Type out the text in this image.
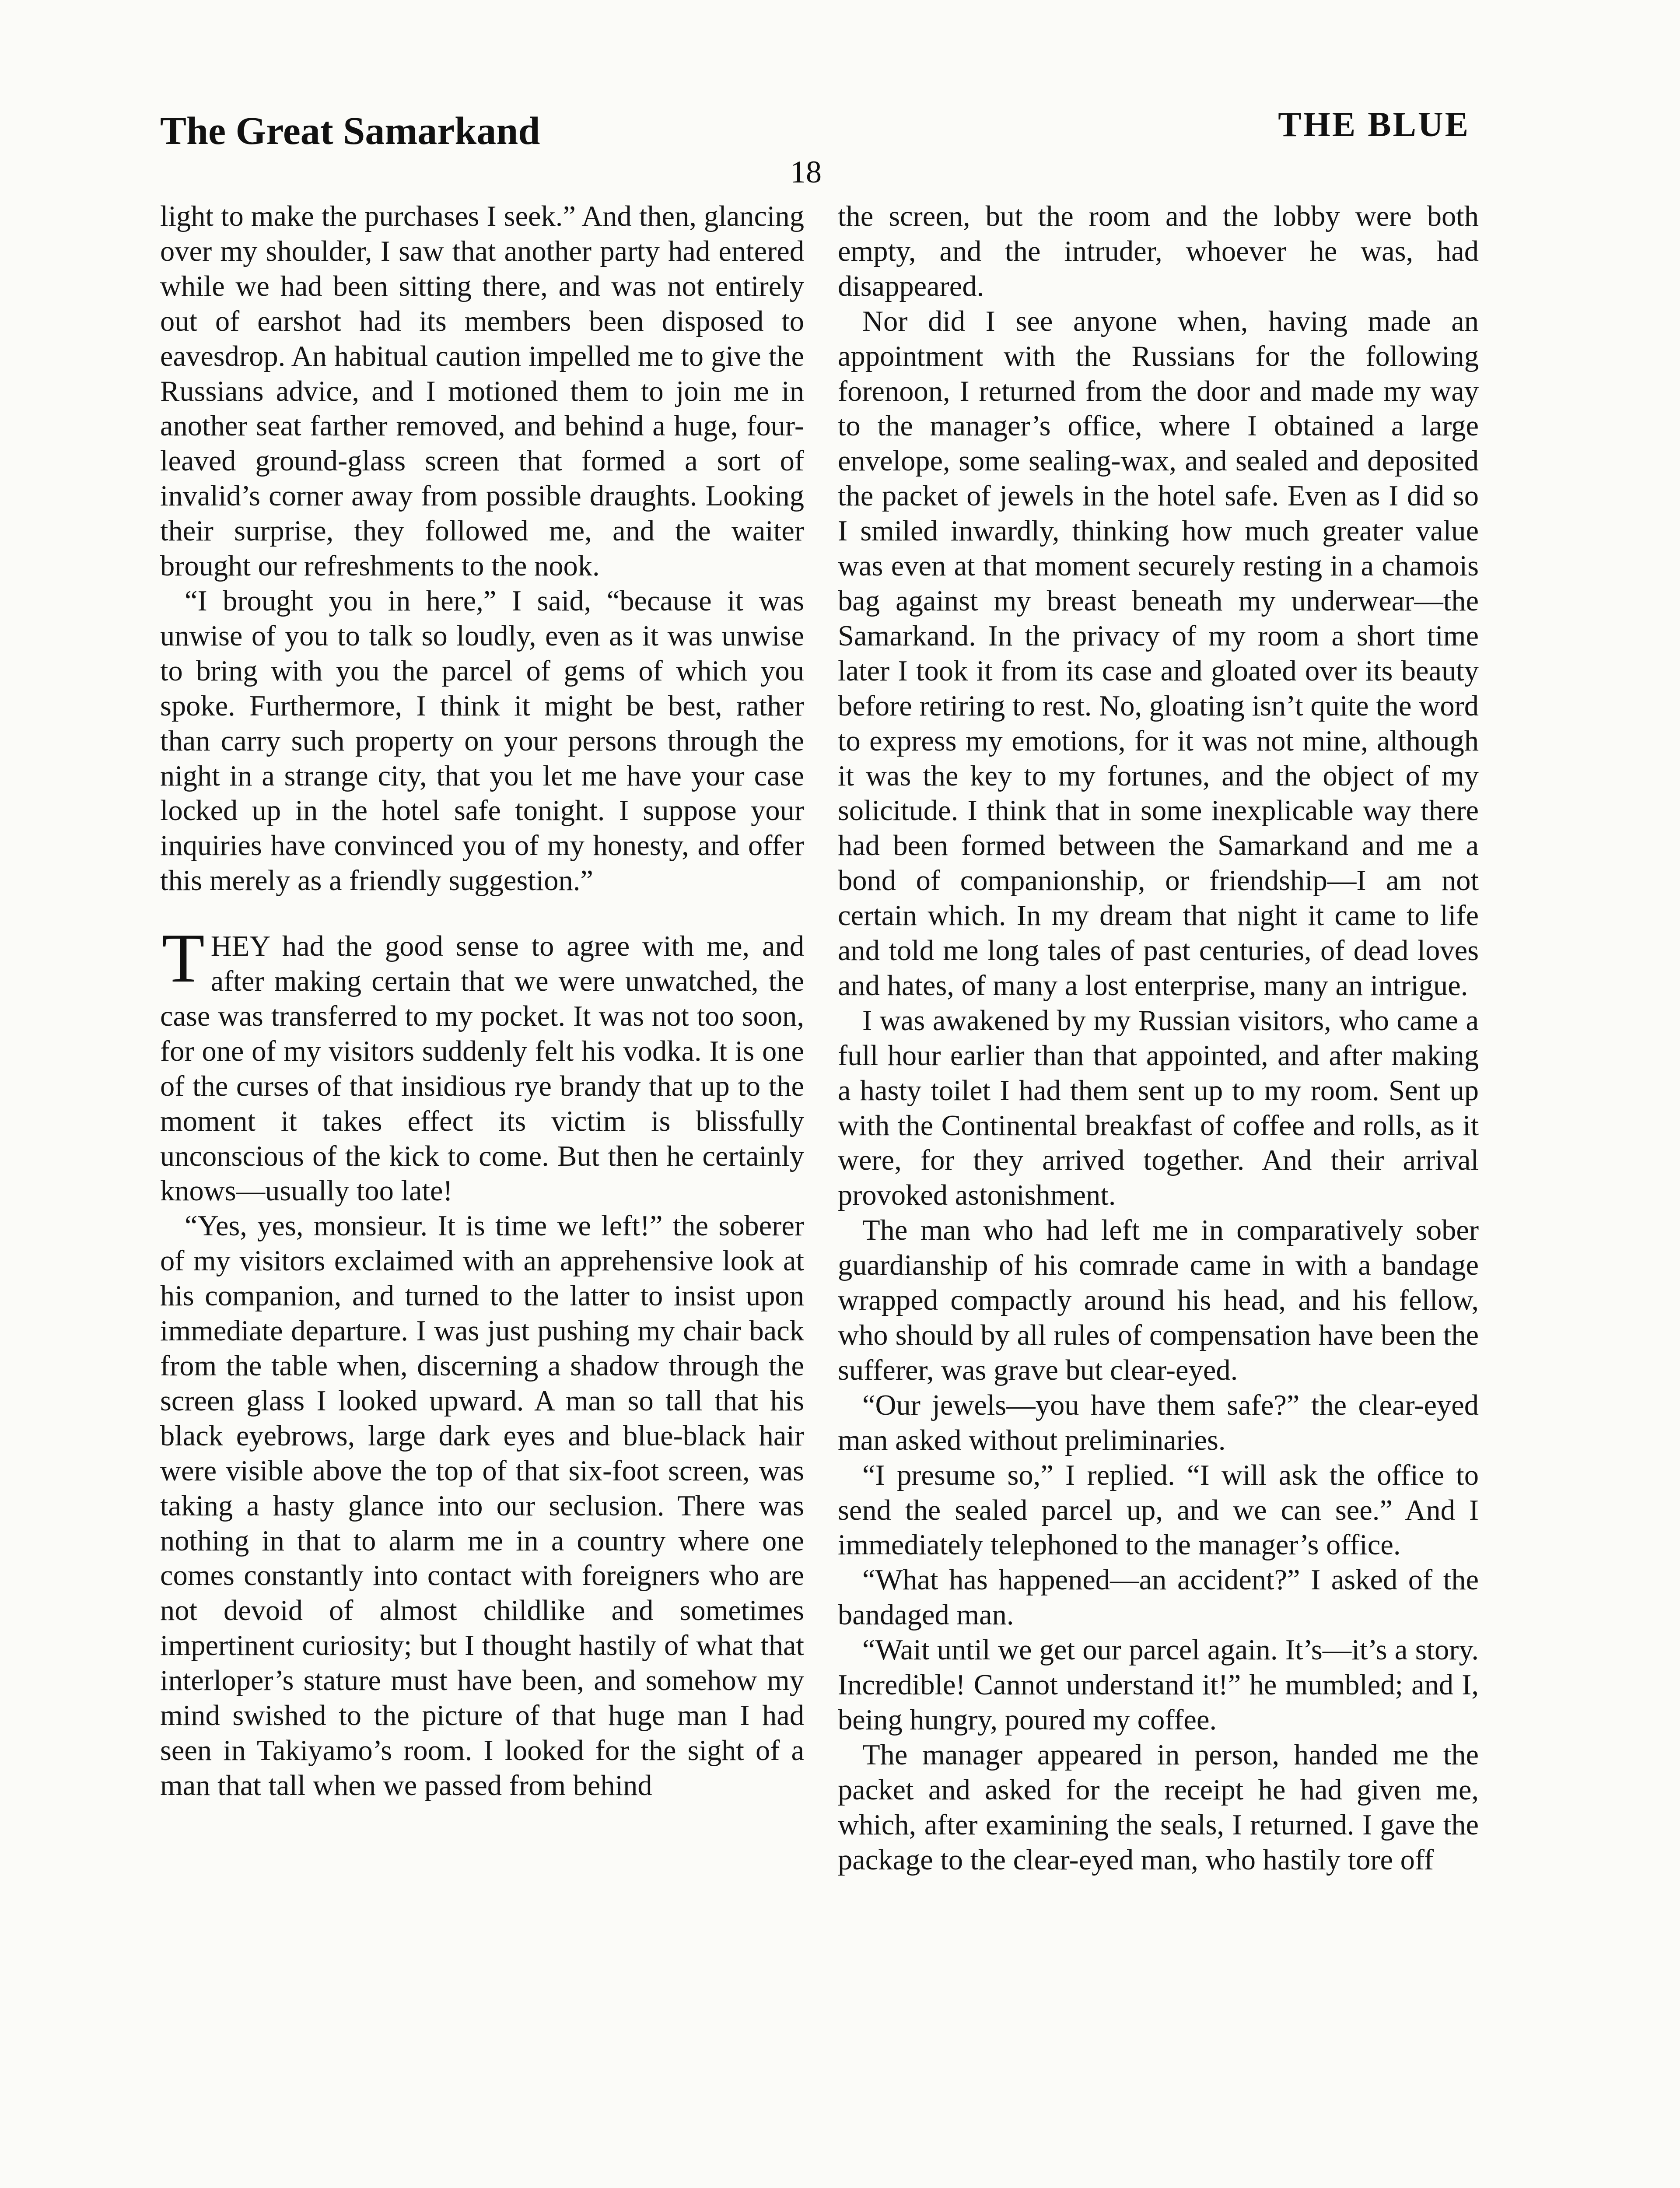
The Great Samarkand	THE BLUE
18

light to make the purchases I seek.” And then, glancing over my shoulder, I saw that another party had entered while we had been sitting there, and was not entirely out of earshot had its members been disposed to eavesdrop. An habitual caution impelled me to give the Russians advice, and I motioned them to join me in another seat farther removed, and behind a huge, four-leaved ground-glass screen that formed a sort of invalid’s corner away from possible draughts. Looking their surprise, they followed me, and the waiter brought our refreshments to the nook.

“I brought you in here,” I said, “because it was unwise of you to talk so loudly, even as it was unwise to bring with you the parcel of gems of which you spoke. Furthermore, I think it might be best, rather than carry such property on your persons through the night in a strange city, that you let me have your case locked up in the hotel safe tonight. I suppose your inquiries have convinced you of my honesty, and offer this merely as a friendly suggestion.”

THEY had the good sense to agree with me, and after making certain that we were unwatched, the case was transferred to my pocket. It was not too soon, for one of my visitors suddenly felt his vodka. It is one of the curses of that insidious rye brandy that up to the moment it takes effect its victim is blissfully unconscious of the kick to come. But then he certainly knows—usually too late!

“Yes, yes, monsieur. It is time we left!” the soberer of my visitors exclaimed with an apprehensive look at his companion, and turned to the latter to insist upon immediate departure. I was just pushing my chair back from the table when, discerning a shadow through the screen glass I looked upward. A man so tall that his black eyebrows, large dark eyes and blue-black hair were visible above the top of that six-foot screen, was taking a hasty glance into our seclusion. There was nothing in that to alarm me in a country where one comes constantly into contact with foreigners who are not devoid of almost childlike and sometimes impertinent curiosity; but I thought hastily of what that interloper’s stature must have been, and somehow my mind swished to the picture of that huge man I had seen in Takiyamo’s room. I looked for the sight of a man that tall when we passed from behind

the screen, but the room and the lobby were both empty, and the intruder, whoever he was, had disappeared.

Nor did I see anyone when, having made an appointment with the Russians for the following forenoon, I returned from the door and made my way to the manager’s office, where I obtained a large envelope, some sealing-wax, and sealed and deposited the packet of jewels in the hotel safe. Even as I did so I smiled inwardly, thinking how much greater value was even at that moment securely resting in a chamois bag against my breast beneath my underwear—the Samarkand. In the privacy of my room a short time later I took it from its case and gloated over its beauty before retiring to rest. No, gloating isn’t quite the word to express my emotions, for it was not mine, although it was the key to my fortunes, and the object of my solicitude. I think that in some inexplicable way there had been formed between the Samarkand and me a bond of companionship, or friendship—I am not certain which. In my dream that night it came to life and told me long tales of past centuries, of dead loves and hates, of many a lost enterprise, many an intrigue.

I was awakened by my Russian visitors, who came a full hour earlier than that appointed, and after making a hasty toilet I had them sent up to my room. Sent up with the Continental breakfast of coffee and rolls, as it were, for they arrived together. And their arrival provoked astonishment.

The man who had left me in comparatively sober guardianship of his comrade came in with a bandage wrapped compactly around his head, and his fellow, who should by all rules of compensation have been the sufferer, was grave but clear-eyed.

“Our jewels—you have them safe?” the clear-eyed man asked without preliminaries.

“I presume so,” I replied. “I will ask the office to send the sealed parcel up, and we can see.” And I immediately telephoned to the manager’s office.

“What has happened—an accident?” I asked of the bandaged man.

“Wait until we get our parcel again. It’s—it’s a story. Incredible! Cannot understand it!” he mumbled; and I, being hungry, poured my coffee.

The manager appeared in person, handed me the packet and asked for the receipt he had given me, which, after examining the seals, I returned. I gave the package to the clear-eyed man, who hastily tore off
